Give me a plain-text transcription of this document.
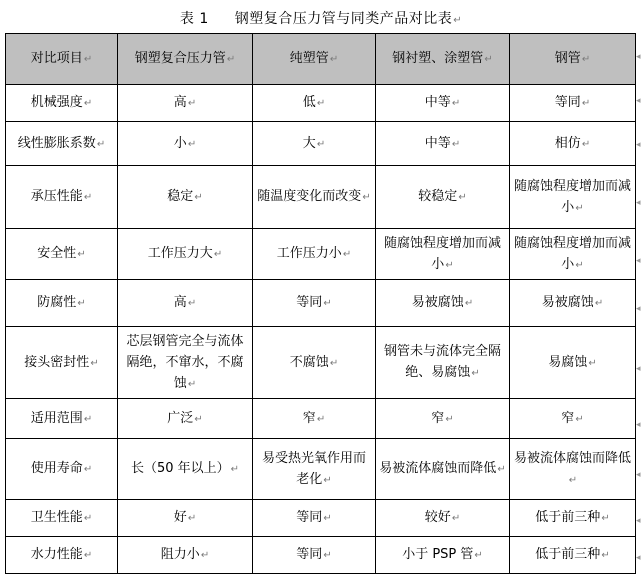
表 1 钢塑复合压力管与同类产品对比表↵
对比项目↵	钢塑复合压力管↵	纯塑管↵	钢衬塑、涂塑管↵	钢管↵
机械强度↵	高↵	低↵	中等↵	等同↵
线性膨胀系数↵	小↵	大↵	中等↵	相仿↵
承压性能↵	稳定↵	随温度变化而改变↵	较稳定↵	随腐蚀程度增加而减小↵
安全性↵	工作压力大↵	工作压力小↵	随腐蚀程度增加而减小↵	随腐蚀程度增加而减小↵
防腐性↵	高↵	等同↵	易被腐蚀↵	易被腐蚀↵
接头密封性↵	芯层钢管完全与流体隔绝，不窜水，不腐蚀↵	不腐蚀↵	钢管未与流体完全隔绝、易腐蚀↵	易腐蚀↵
适用范围↵	广泛↵	窄↵	窄↵	窄↵
使用寿命↵	长（50 年以上）↵	易受热光氧作用而老化↵	易被流体腐蚀而降低↵	易被流体腐蚀而降低↵
卫生性能↵	好↵	等同↵	较好↵	低于前三种↵
水力性能↵	阻力小↵	等同↵	小于 PSP 管↵	低于前三种↵
◂
◂
◂
◂
◂
◂
◂
◂
◂
◂
◂
